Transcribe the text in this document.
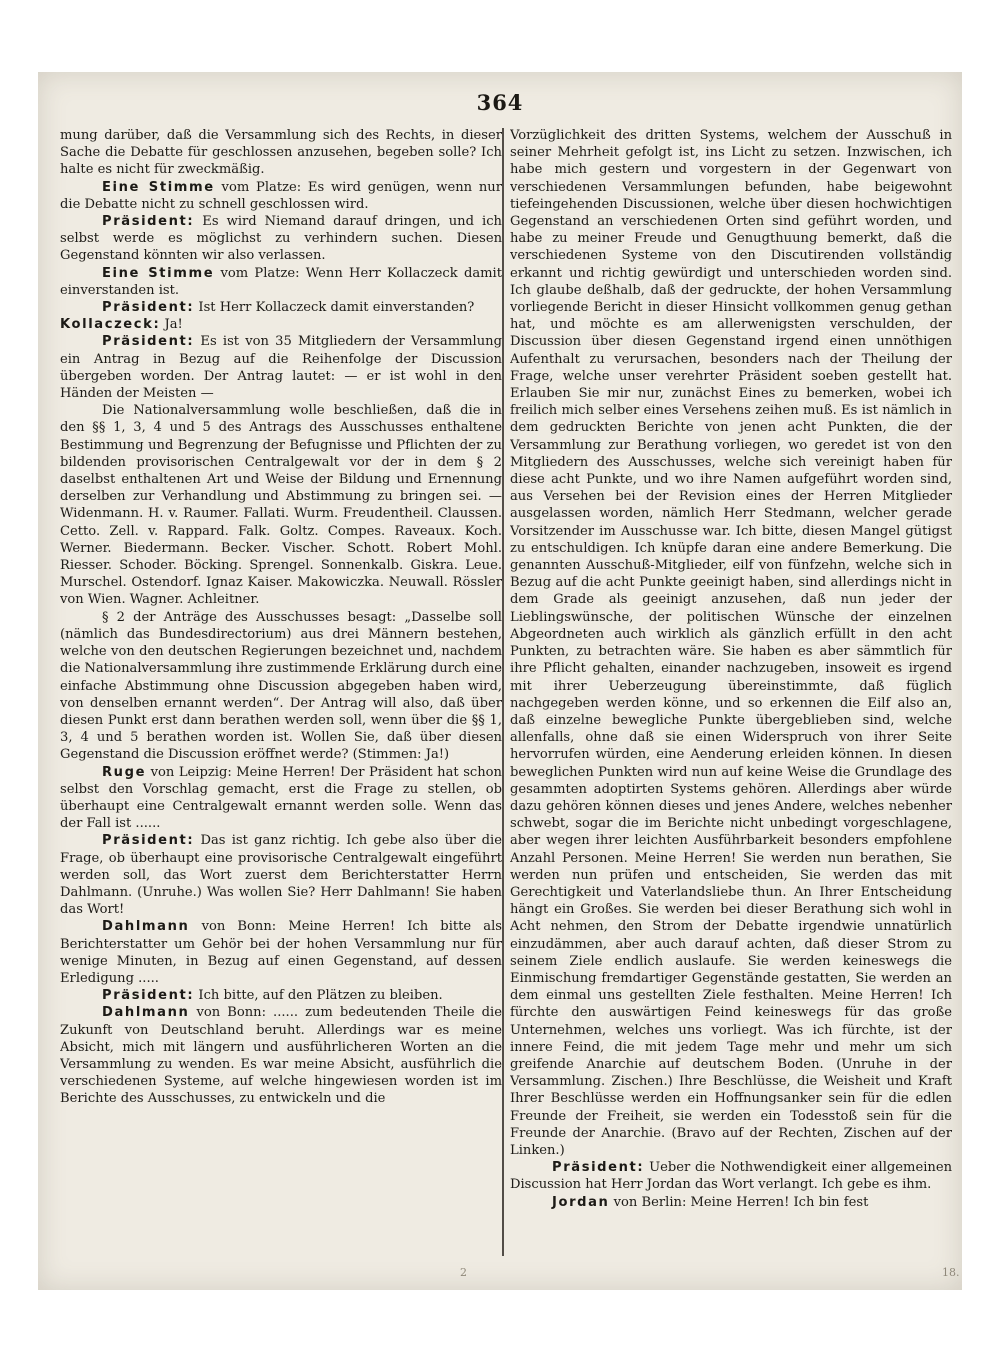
364

mung darüber, daß die Versammlung sich des Rechts, in dieser Sache die Debatte für geschlossen anzusehen, begeben solle? Ich halte es nicht für zweckmäßig.

Eine Stimme vom Platze: Es wird genügen, wenn nur die Debatte nicht zu schnell geschlossen wird.

Präsident: Es wird Niemand darauf dringen, und ich selbst werde es möglichst zu verhindern suchen. Diesen Gegenstand könnten wir also verlassen.

Eine Stimme vom Platze: Wenn Herr Kollaczeck damit einverstanden ist.

Präsident: Ist Herr Kollaczeck damit einverstanden?

Kollaczeck: Ja!

Präsident: Es ist von 35 Mitgliedern der Versammlung ein Antrag in Bezug auf die Reihenfolge der Discussion übergeben worden. Der Antrag lautet: — er ist wohl in den Händen der Meisten —

Die Nationalversammlung wolle beschließen, daß die in den §§ 1, 3, 4 und 5 des Antrags des Ausschusses enthaltene Bestimmung und Begrenzung der Befugnisse und Pflichten der zu bildenden provisorischen Centralgewalt vor der in dem § 2 daselbst enthaltenen Art und Weise der Bildung und Ernennung derselben zur Verhandlung und Abstimmung zu bringen sei. — Widenmann. H. v. Raumer. Fallati. Wurm. Freudentheil. Claussen. Cetto. Zell. v. Rappard. Falk. Goltz. Compes. Raveaux. Koch. Werner. Biedermann. Becker. Vischer. Schott. Robert Mohl. Riesser. Schoder. Böcking. Sprengel. Sonnenkalb. Giskra. Leue. Murschel. Ostendorf. Ignaz Kaiser. Makowiczka. Neuwall. Rössler von Wien. Wagner. Achleitner.

§ 2 der Anträge des Ausschusses besagt: „Dasselbe soll (nämlich das Bundesdirectorium) aus drei Männern bestehen, welche von den deutschen Regierungen bezeichnet und, nachdem die Nationalversammlung ihre zustimmende Erklärung durch eine einfache Abstimmung ohne Discussion abgegeben haben wird, von denselben ernannt werden“. Der Antrag will also, daß über diesen Punkt erst dann berathen werden soll, wenn über die §§ 1, 3, 4 und 5 berathen worden ist. Wollen Sie, daß über diesen Gegenstand die Discussion eröffnet werde? (Stimmen: Ja!)

Ruge von Leipzig: Meine Herren! Der Präsident hat schon selbst den Vorschlag gemacht, erst die Frage zu stellen, ob überhaupt eine Centralgewalt ernannt werden solle. Wenn das der Fall ist ......

Präsident: Das ist ganz richtig. Ich gebe also über die Frage, ob überhaupt eine provisorische Centralgewalt eingeführt werden soll, das Wort zuerst dem Berichterstatter Herrn Dahlmann. (Unruhe.) Was wollen Sie? Herr Dahlmann! Sie haben das Wort!

Dahlmann von Bonn: Meine Herren! Ich bitte als Berichterstatter um Gehör bei der hohen Versammlung nur für wenige Minuten, in Bezug auf einen Gegenstand, auf dessen Erledigung .....

Präsident: Ich bitte, auf den Plätzen zu bleiben.

Dahlmann von Bonn: ...... zum bedeutenden Theile die Zukunft von Deutschland beruht. Allerdings war es meine Absicht, mich mit längern und ausführlicheren Worten an die Versammlung zu wenden. Es war meine Absicht, ausführlich die verschiedenen Systeme, auf welche hingewiesen worden ist im Berichte des Ausschusses, zu entwickeln und die

Vorzüglichkeit des dritten Systems, welchem der Ausschuß in seiner Mehrheit gefolgt ist, ins Licht zu setzen. Inzwischen, ich habe mich gestern und vorgestern in der Gegenwart von verschiedenen Versammlungen befunden, habe beigewohnt tiefeingehenden Discussionen, welche über diesen hochwichtigen Gegenstand an verschiedenen Orten sind geführt worden, und habe zu meiner Freude und Genugthuung bemerkt, daß die verschiedenen Systeme von den Discutirenden vollständig erkannt und richtig gewürdigt und unterschieden worden sind. Ich glaube deßhalb, daß der gedruckte, der hohen Versammlung vorliegende Bericht in dieser Hinsicht vollkommen genug gethan hat, und möchte es am allerwenigsten verschulden, der Discussion über diesen Gegenstand irgend einen unnöthigen Aufenthalt zu verursachen, besonders nach der Theilung der Frage, welche unser verehrter Präsident soeben gestellt hat. Erlauben Sie mir nur, zunächst Eines zu bemerken, wobei ich freilich mich selber eines Versehens zeihen muß. Es ist nämlich in dem gedruckten Berichte von jenen acht Punkten, die der Versammlung zur Berathung vorliegen, wo geredet ist von den Mitgliedern des Ausschusses, welche sich vereinigt haben für diese acht Punkte, und wo ihre Namen aufgeführt worden sind, aus Versehen bei der Revision eines der Herren Mitglieder ausgelassen worden, nämlich Herr Stedmann, welcher gerade Vorsitzender im Ausschusse war. Ich bitte, diesen Mangel gütigst zu entschuldigen. Ich knüpfe daran eine andere Bemerkung. Die genannten Ausschuß-Mitglieder, eilf von fünfzehn, welche sich in Bezug auf die acht Punkte geeinigt haben, sind allerdings nicht in dem Grade als geeinigt anzusehen, daß nun jeder der Lieblingswünsche, der politischen Wünsche der einzelnen Abgeordneten auch wirklich als gänzlich erfüllt in den acht Punkten, zu betrachten wäre. Sie haben es aber sämmtlich für ihre Pflicht gehalten, einander nachzugeben, insoweit es irgend mit ihrer Ueberzeugung übereinstimmte, daß füglich nachgegeben werden könne, und so erkennen die Eilf also an, daß einzelne bewegliche Punkte übergeblieben sind, welche allenfalls, ohne daß sie einen Widerspruch von ihrer Seite hervorrufen würden, eine Aenderung erleiden können. In diesen beweglichen Punkten wird nun auf keine Weise die Grundlage des gesammten adoptirten Systems gehören. Allerdings aber würde dazu gehören können dieses und jenes Andere, welches nebenher schwebt, sogar die im Berichte nicht unbedingt vorgeschlagene, aber wegen ihrer leichten Ausführbarkeit besonders empfohlene Anzahl Personen. Meine Herren! Sie werden nun berathen, Sie werden nun prüfen und entscheiden, Sie werden das mit Gerechtigkeit und Vaterlandsliebe thun. An Ihrer Entscheidung hängt ein Großes. Sie werden bei dieser Berathung sich wohl in Acht nehmen, den Strom der Debatte irgendwie unnatürlich einzudämmen, aber auch darauf achten, daß dieser Strom zu seinem Ziele endlich auslaufe. Sie werden keineswegs die Einmischung fremdartiger Gegenstände gestatten, Sie werden an dem einmal uns gestellten Ziele festhalten. Meine Herren! Ich fürchte den auswärtigen Feind keineswegs für das große Unternehmen, welches uns vorliegt. Was ich fürchte, ist der innere Feind, die mit jedem Tage mehr und mehr um sich greifende Anarchie auf deutschem Boden. (Unruhe in der Versammlung. Zischen.) Ihre Beschlüsse, die Weisheit und Kraft Ihrer Beschlüsse werden ein Hoffnungsanker sein für die edlen Freunde der Freiheit, sie werden ein Todesstoß sein für die Freunde der Anarchie. (Bravo auf der Rechten, Zischen auf der Linken.)

Präsident: Ueber die Nothwendigkeit einer allgemeinen Discussion hat Herr Jordan das Wort verlangt. Ich gebe es ihm.

Jordan von Berlin: Meine Herren! Ich bin fest

2	18.
